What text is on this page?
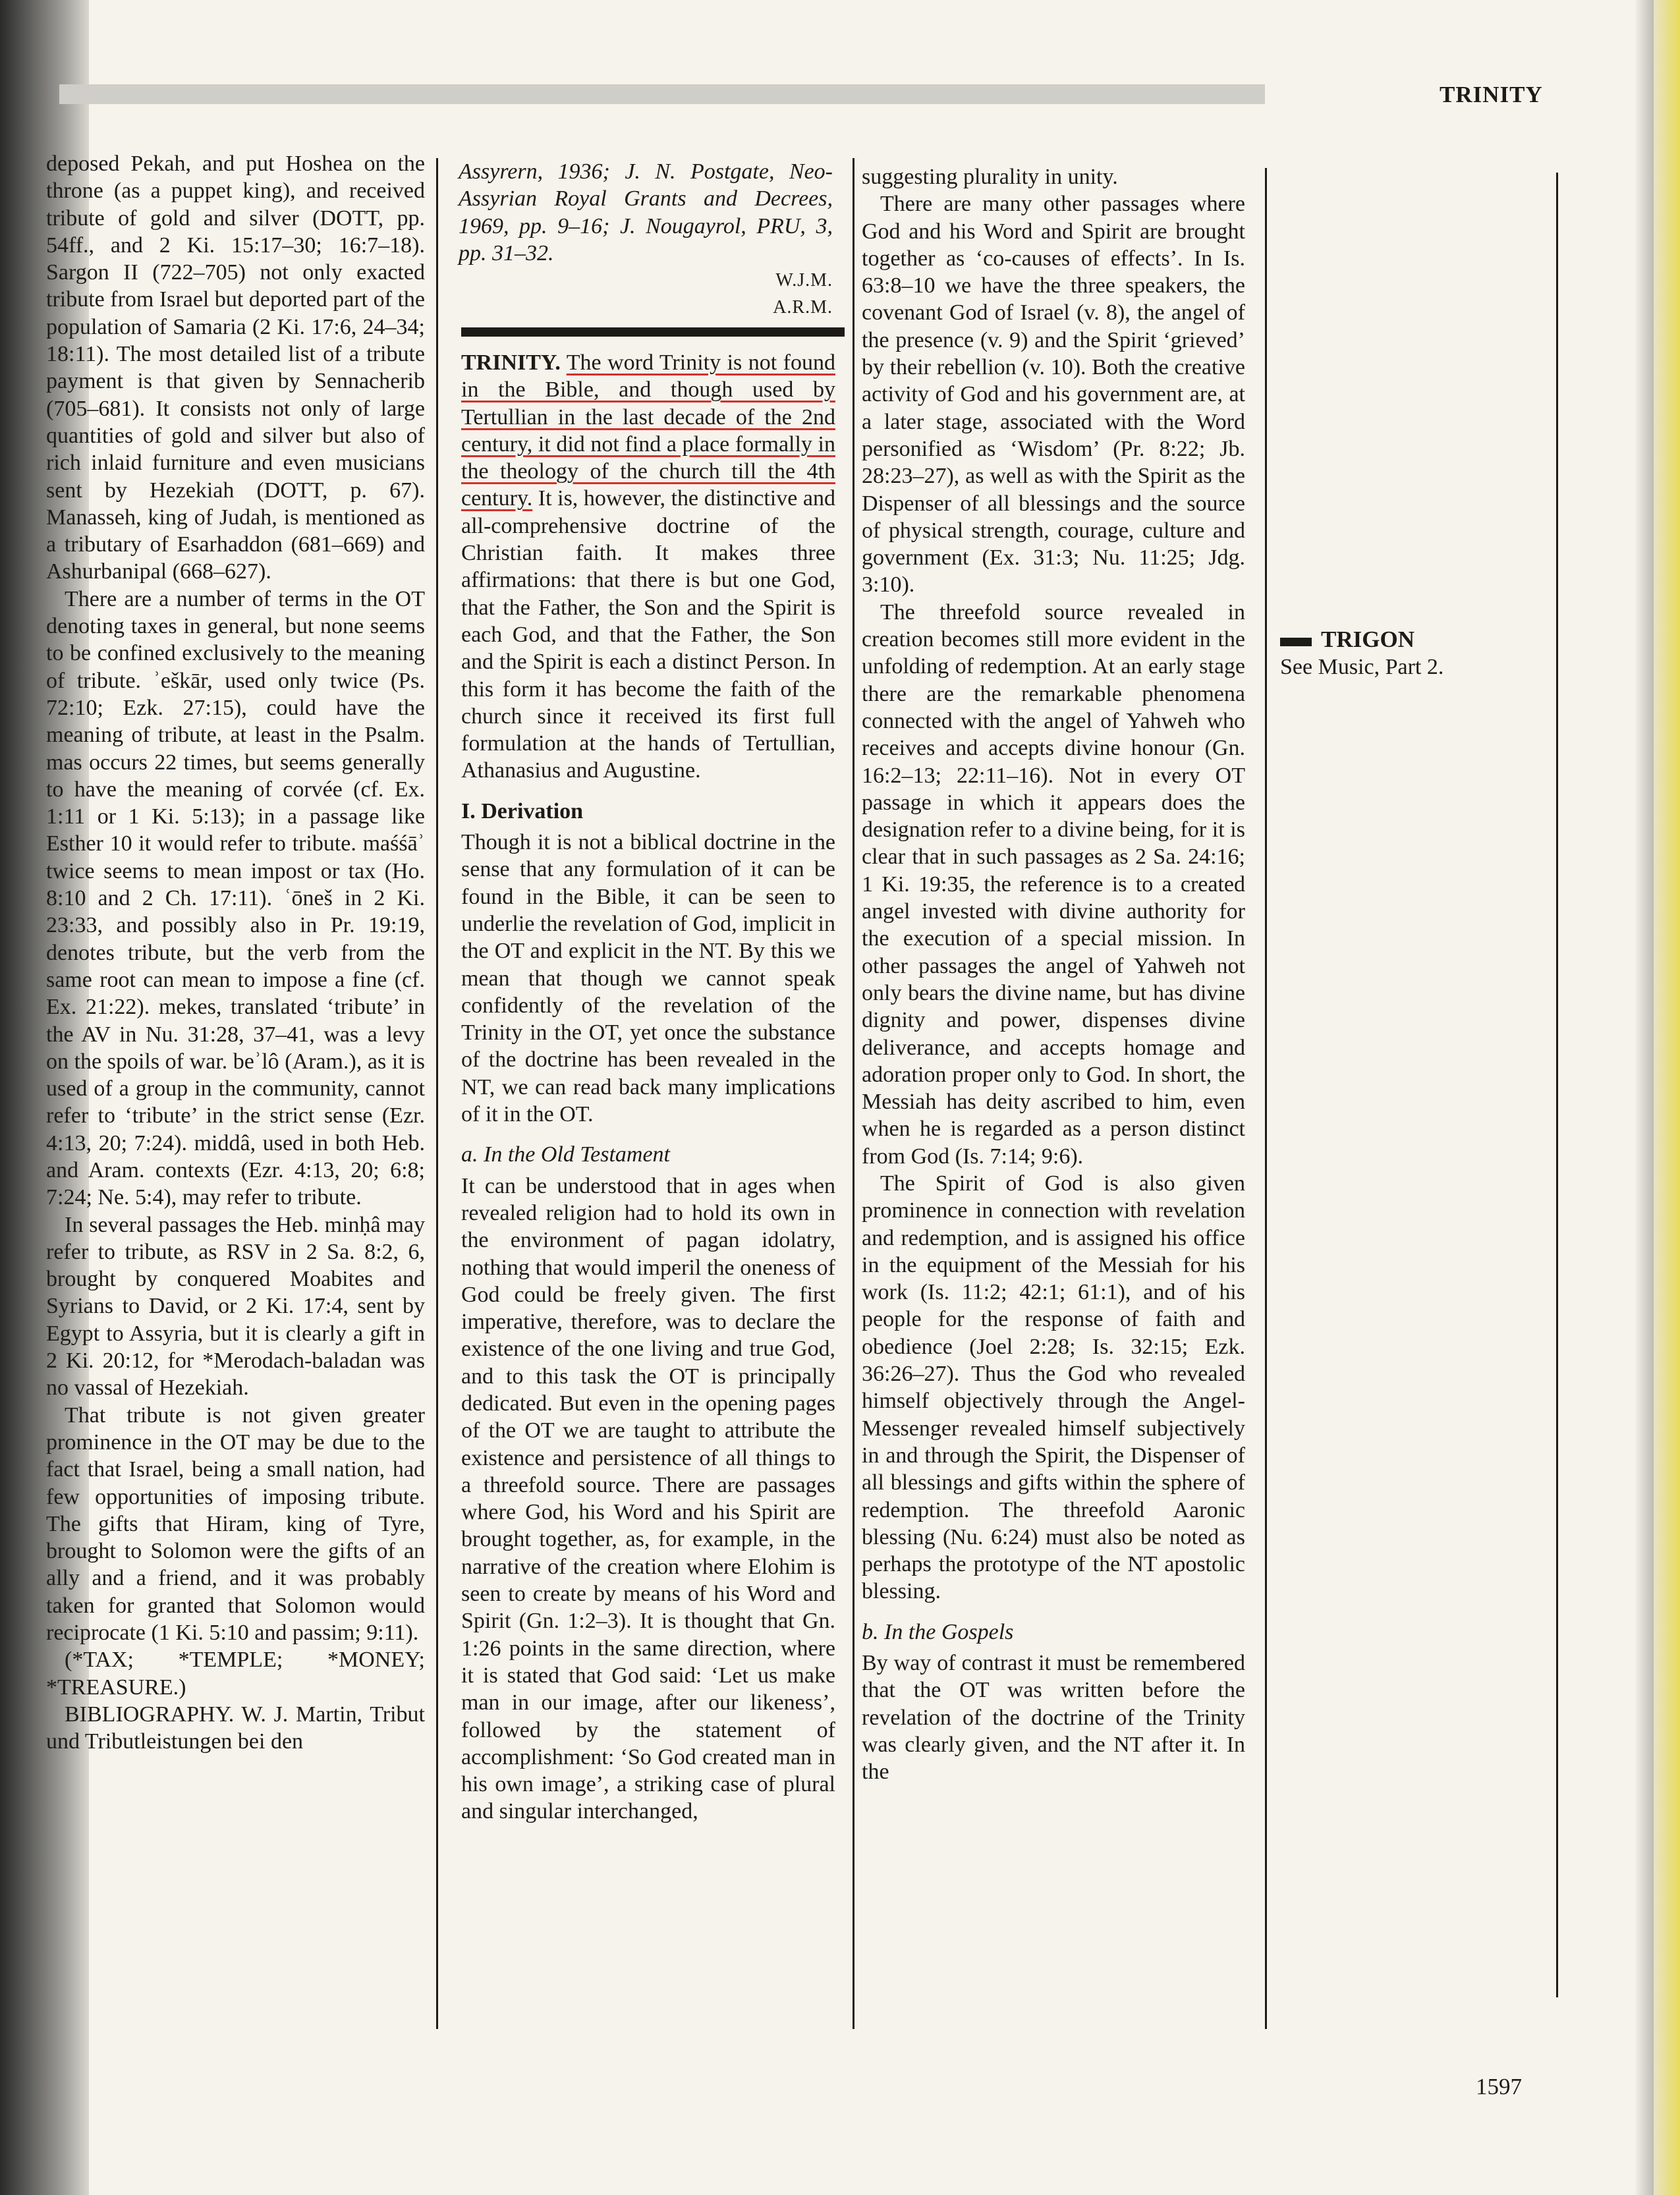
TRINITY

deposed Pekah, and put Hoshea on the throne (as a puppet king), and received tribute of gold and silver (DOTT, pp. 54ff., and 2 Ki. 15:17–30; 16:7–18). Sargon II (722–705) not only exacted tribute from Israel but deported part of the population of Samaria (2 Ki. 17:6, 24–34; 18:11). The most detailed list of a tribute payment is that given by Sennacherib (705–681). It consists not only of large quantities of gold and silver but also of rich inlaid furniture and even musicians sent by Hezekiah (DOTT, p. 67). Manasseh, king of Judah, is mentioned as a tributary of Esarhaddon (681–669) and Ashurbanipal (668–627).

There are a number of terms in the OT denoting taxes in general, but none seems to be confined exclusively to the meaning of tribute. ʾeškār, used only twice (Ps. 72:10; Ezk. 27:15), could have the meaning of tribute, at least in the Psalm. mas occurs 22 times, but seems generally to have the meaning of corvée (cf. Ex. 1:11 or 1 Ki. 5:13); in a passage like Esther 10 it would refer to tribute. maśśāʾ twice seems to mean impost or tax (Ho. 8:10 and 2 Ch. 17:11). ʿōneš in 2 Ki. 23:33, and possibly also in Pr. 19:19, denotes tribute, but the verb from the same root can mean to impose a fine (cf. Ex. 21:22). mekes, translated ‘tribute’ in the AV in Nu. 31:28, 37–41, was a levy on the spoils of war. beʾlô (Aram.), as it is used of a group in the community, cannot refer to ‘tribute’ in the strict sense (Ezr. 4:13, 20; 7:24). middâ, used in both Heb. and Aram. contexts (Ezr. 4:13, 20; 6:8; 7:24; Ne. 5:4), may refer to tribute.

In several passages the Heb. minḥâ may refer to tribute, as RSV in 2 Sa. 8:2, 6, brought by conquered Moabites and Syrians to David, or 2 Ki. 17:4, sent by Egypt to Assyria, but it is clearly a gift in 2 Ki. 20:12, for *Merodach-baladan was no vassal of Hezekiah.

That tribute is not given greater prominence in the OT may be due to the fact that Israel, being a small nation, had few opportunities of imposing tribute. The gifts that Hiram, king of Tyre, brought to Solomon were the gifts of an ally and a friend, and it was probably taken for granted that Solomon would reciprocate (1 Ki. 5:10 and passim; 9:11).

(*TAX; *TEMPLE; *MONEY; *TREASURE.)

BIBLIOGRAPHY. W. J. Martin, Tribut und Tributleistungen bei den

Assyrern, 1936; J. N. Postgate, Neo-Assyrian Royal Grants and Decrees, 1969, pp. 9–16; J. Nougayrol, PRU, 3, pp. 31–32.

W.J.M.

A.R.M.

TRINITY. The word Trinity is not found in the Bible, and though used by Tertullian in the last decade of the 2nd century, it did not find a place formally in the theology of the church till the 4th century. It is, however, the distinctive and all-comprehensive doctrine of the Christian faith. It makes three affirmations: that there is but one God, that the Father, the Son and the Spirit is each God, and that the Father, the Son and the Spirit is each a distinct Person. In this form it has become the faith of the church since it received its first full formulation at the hands of Tertullian, Athanasius and Augustine.

I. Derivation

Though it is not a biblical doctrine in the sense that any formulation of it can be found in the Bible, it can be seen to underlie the revelation of God, implicit in the OT and explicit in the NT. By this we mean that though we cannot speak confidently of the revelation of the Trinity in the OT, yet once the substance of the doctrine has been revealed in the NT, we can read back many implications of it in the OT.

a. In the Old Testament

It can be understood that in ages when revealed religion had to hold its own in the environment of pagan idolatry, nothing that would imperil the oneness of God could be freely given. The first imperative, therefore, was to declare the existence of the one living and true God, and to this task the OT is principally dedicated. But even in the opening pages of the OT we are taught to attribute the existence and persistence of all things to a threefold source. There are passages where God, his Word and his Spirit are brought together, as, for example, in the narrative of the creation where Elohim is seen to create by means of his Word and Spirit (Gn. 1:2–3). It is thought that Gn. 1:26 points in the same direction, where it is stated that God said: ‘Let us make man in our image, after our likeness’, followed by the statement of accomplishment: ‘So God created man in his own image’, a striking case of plural and singular interchanged,

suggesting plurality in unity.

There are many other passages where God and his Word and Spirit are brought together as ‘co-causes of effects’. In Is. 63:8–10 we have the three speakers, the covenant God of Israel (v. 8), the angel of the presence (v. 9) and the Spirit ‘grieved’ by their rebellion (v. 10). Both the creative activity of God and his government are, at a later stage, associated with the Word personified as ‘Wisdom’ (Pr. 8:22; Jb. 28:23–27), as well as with the Spirit as the Dispenser of all blessings and the source of physical strength, courage, culture and government (Ex. 31:3; Nu. 11:25; Jdg. 3:10).

The threefold source revealed in creation becomes still more evident in the unfolding of redemption. At an early stage there are the remarkable phenomena connected with the angel of Yahweh who receives and accepts divine honour (Gn. 16:2–13; 22:11–16). Not in every OT passage in which it appears does the designation refer to a divine being, for it is clear that in such passages as 2 Sa. 24:16; 1 Ki. 19:35, the reference is to a created angel invested with divine authority for the execution of a special mission. In other passages the angel of Yahweh not only bears the divine name, but has divine dignity and power, dispenses divine deliverance, and accepts homage and adoration proper only to God. In short, the Messiah has deity ascribed to him, even when he is regarded as a person distinct from God (Is. 7:14; 9:6).

The Spirit of God is also given prominence in connection with revelation and redemption, and is assigned his office in the equipment of the Messiah for his work (Is. 11:2; 42:1; 61:1), and of his people for the response of faith and obedience (Joel 2:28; Is. 32:15; Ezk. 36:26–27). Thus the God who revealed himself objectively through the Angel-Messenger revealed himself subjectively in and through the Spirit, the Dispenser of all blessings and gifts within the sphere of redemption. The threefold Aaronic blessing (Nu. 6:24) must also be noted as perhaps the prototype of the NT apostolic blessing.

b. In the Gospels

By way of contrast it must be remembered that the OT was written before the revelation of the doctrine of the Trinity was clearly given, and the NT after it. In the

TRIGON

See Music, Part 2.

1597
